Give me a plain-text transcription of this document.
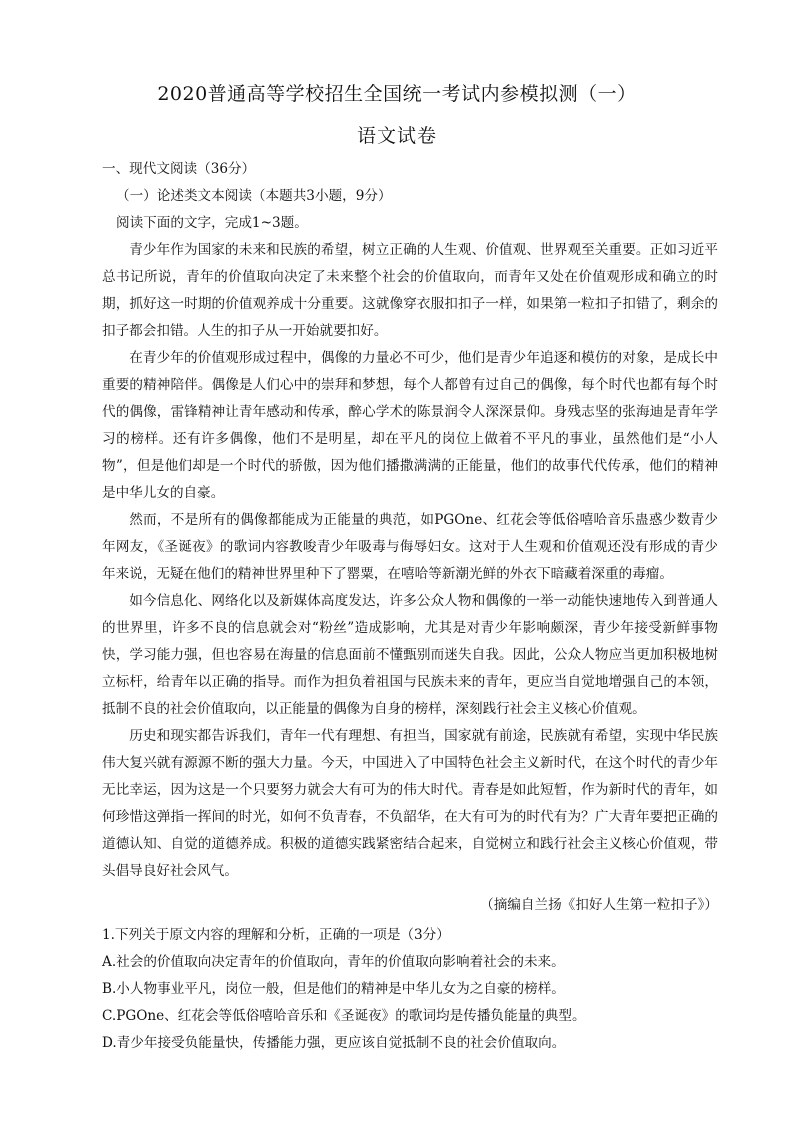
2020普通高等学校招生全国统一考试内参模拟测（一）
语文试卷
一、现代文阅读（36分）
（一）论述类文本阅读（本题共3小题，9分）
阅读下面的文字，完成1~3题。
青少年作为国家的未来和民族的希望，树立正确的人生观、价值观、世界观至关重要。正如习近平总书记所说，青年的价值取向决定了未来整个社会的价值取向，而青年又处在价值观形成和确立的时期，抓好这一时期的价值观养成十分重要。这就像穿衣服扣扣子一样，如果第一粒扣子扣错了，剩余的扣子都会扣错。人生的扣子从一开始就要扣好。
在青少年的价值观形成过程中，偶像的力量必不可少，他们是青少年追逐和模仿的对象，是成长中重要的精神陪伴。偶像是人们心中的崇拜和梦想，每个人都曾有过自己的偶像，每个时代也都有每个时代的偶像，雷锋精神让青年感动和传承，醉心学术的陈景润令人深深景仰。身残志坚的张海迪是青年学习的榜样。还有许多偶像，他们不是明星，却在平凡的岗位上做着不平凡的事业，虽然他们是“小人物”，但是他们却是一个时代的骄傲，因为他们播撒满满的正能量，他们的故事代代传承，他们的精神是中华儿女的自豪。
然而，不是所有的偶像都能成为正能量的典范，如PGOne、红花会等低俗嘻哈音乐蛊惑少数青少年网友，《圣诞夜》的歌词内容教唆青少年吸毒与侮辱妇女。这对于人生观和价值观还没有形成的青少年来说，无疑在他们的精神世界里种下了罂粟，在嘻哈等新潮光鲜的外衣下暗藏着深重的毒瘤。
如今信息化、网络化以及新媒体高度发达，许多公众人物和偶像的一举一动能快速地传入到普通人的世界里，许多不良的信息就会对“粉丝”造成影响，尤其是对青少年影响颇深，青少年接受新鲜事物快，学习能力强，但也容易在海量的信息面前不懂甄别而迷失自我。因此，公众人物应当更加积极地树立标杆，给青年以正确的指导。而作为担负着祖国与民族未来的青年，更应当自觉地增强自己的本领，抵制不良的社会价值取向，以正能量的偶像为自身的榜样，深刻践行社会主义核心价值观。
历史和现实都告诉我们，青年一代有理想、有担当，国家就有前途，民族就有希望，实现中华民族伟大复兴就有源源不断的强大力量。今天，中国进入了中国特色社会主义新时代，在这个时代的青少年无比幸运，因为这是一个只要努力就会大有可为的伟大时代。青春是如此短暂，作为新时代的青年，如何珍惜这弹指一挥间的时光，如何不负青春，不负韶华，在大有可为的时代有为？广大青年要把正确的道德认知、自觉的道德养成。积极的道德实践紧密结合起来，自觉树立和践行社会主义核心价值观，带头倡导良好社会风气。
（摘编自兰扬《扣好人生第一粒扣子》）
1.下列关于原文内容的理解和分析，正确的一项是（3分）
A.社会的价值取向决定青年的价值取向，青年的价值取向影响着社会的未来。
B.小人物事业平凡，岗位一般，但是他们的精神是中华儿女为之自豪的榜样。
C.PGOne、红花会等低俗嘻哈音乐和《圣诞夜》的歌词均是传播负能量的典型。
D.青少年接受负能量快，传播能力强，更应该自觉抵制不良的社会价值取向。
